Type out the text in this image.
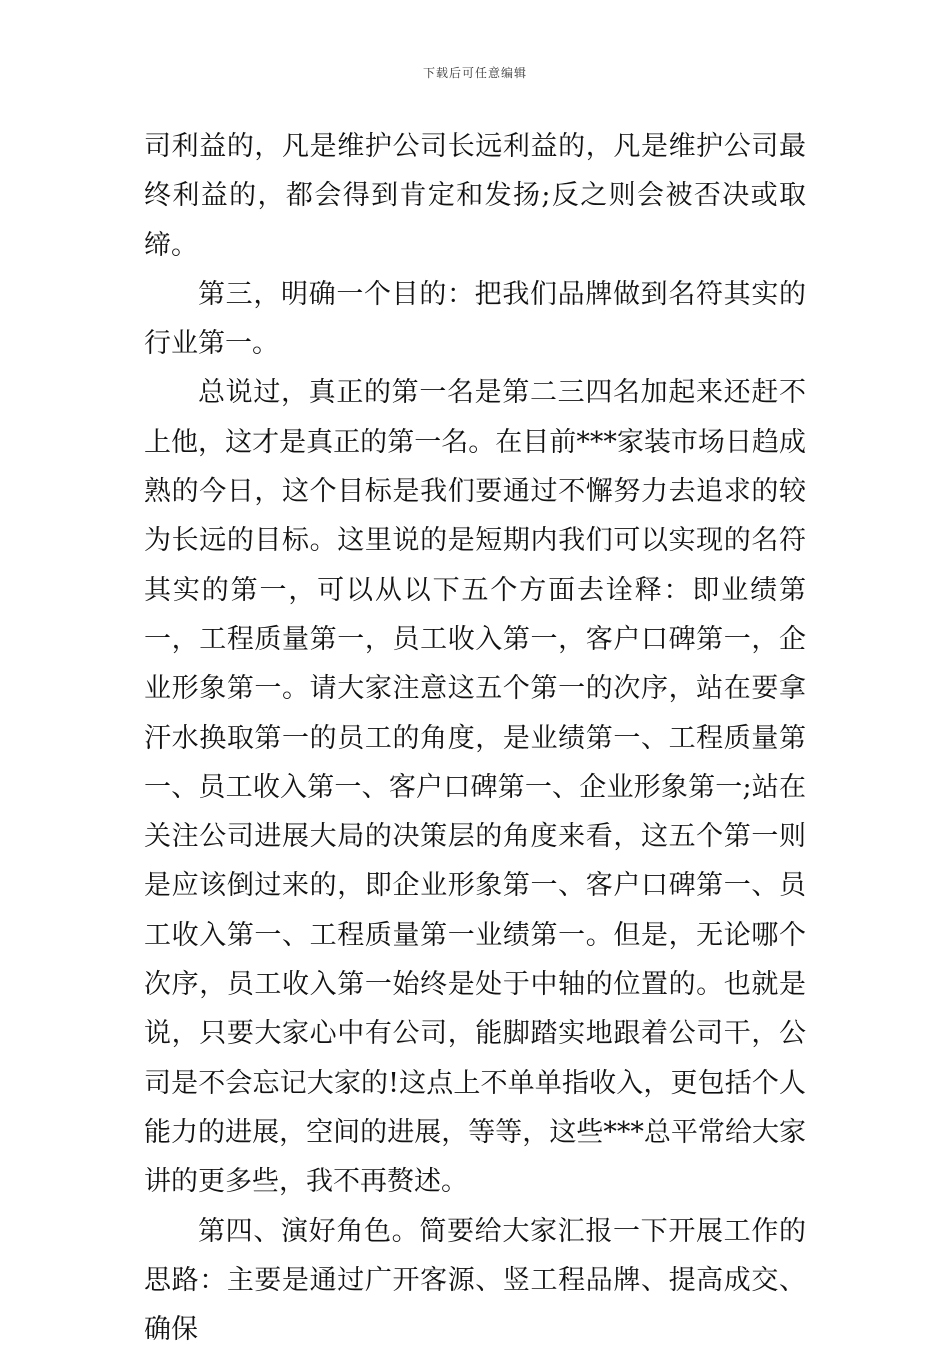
下载后可任意编辑

司利益的，凡是维护公司长远利益的，凡是维护公司最终利益的，都会得到肯定和发扬;反之则会被否决或取缔。

第三，明确一个目的：把我们品牌做到名符其实的行业第一。

总说过，真正的第一名是第二三四名加起来还赶不上他，这才是真正的第一名。在目前***家装市场日趋成熟的今日，这个目标是我们要通过不懈努力去追求的较为长远的目标。这里说的是短期内我们可以实现的名符其实的第一，可以从以下五个方面去诠释：即业绩第一，工程质量第一，员工收入第一，客户口碑第一，企业形象第一。请大家注意这五个第一的次序，站在要拿汗水换取第一的员工的角度，是业绩第一、工程质量第一、员工收入第一、客户口碑第一、企业形象第一;站在关注公司进展大局的决策层的角度来看，这五个第一则是应该倒过来的，即企业形象第一、客户口碑第一、员工收入第一、工程质量第一业绩第一。但是，无论哪个次序，员工收入第一始终是处于中轴的位置的。也就是说，只要大家心中有公司，能脚踏实地跟着公司干，公司是不会忘记大家的!这点上不单单指收入，更包括个人能力的进展，空间的进展，等等，这些***总平常给大家讲的更多些，我不再赘述。

第四、演好角色。简要给大家汇报一下开展工作的思路：主要是通过广开客源、竖工程品牌、提高成交、确保
